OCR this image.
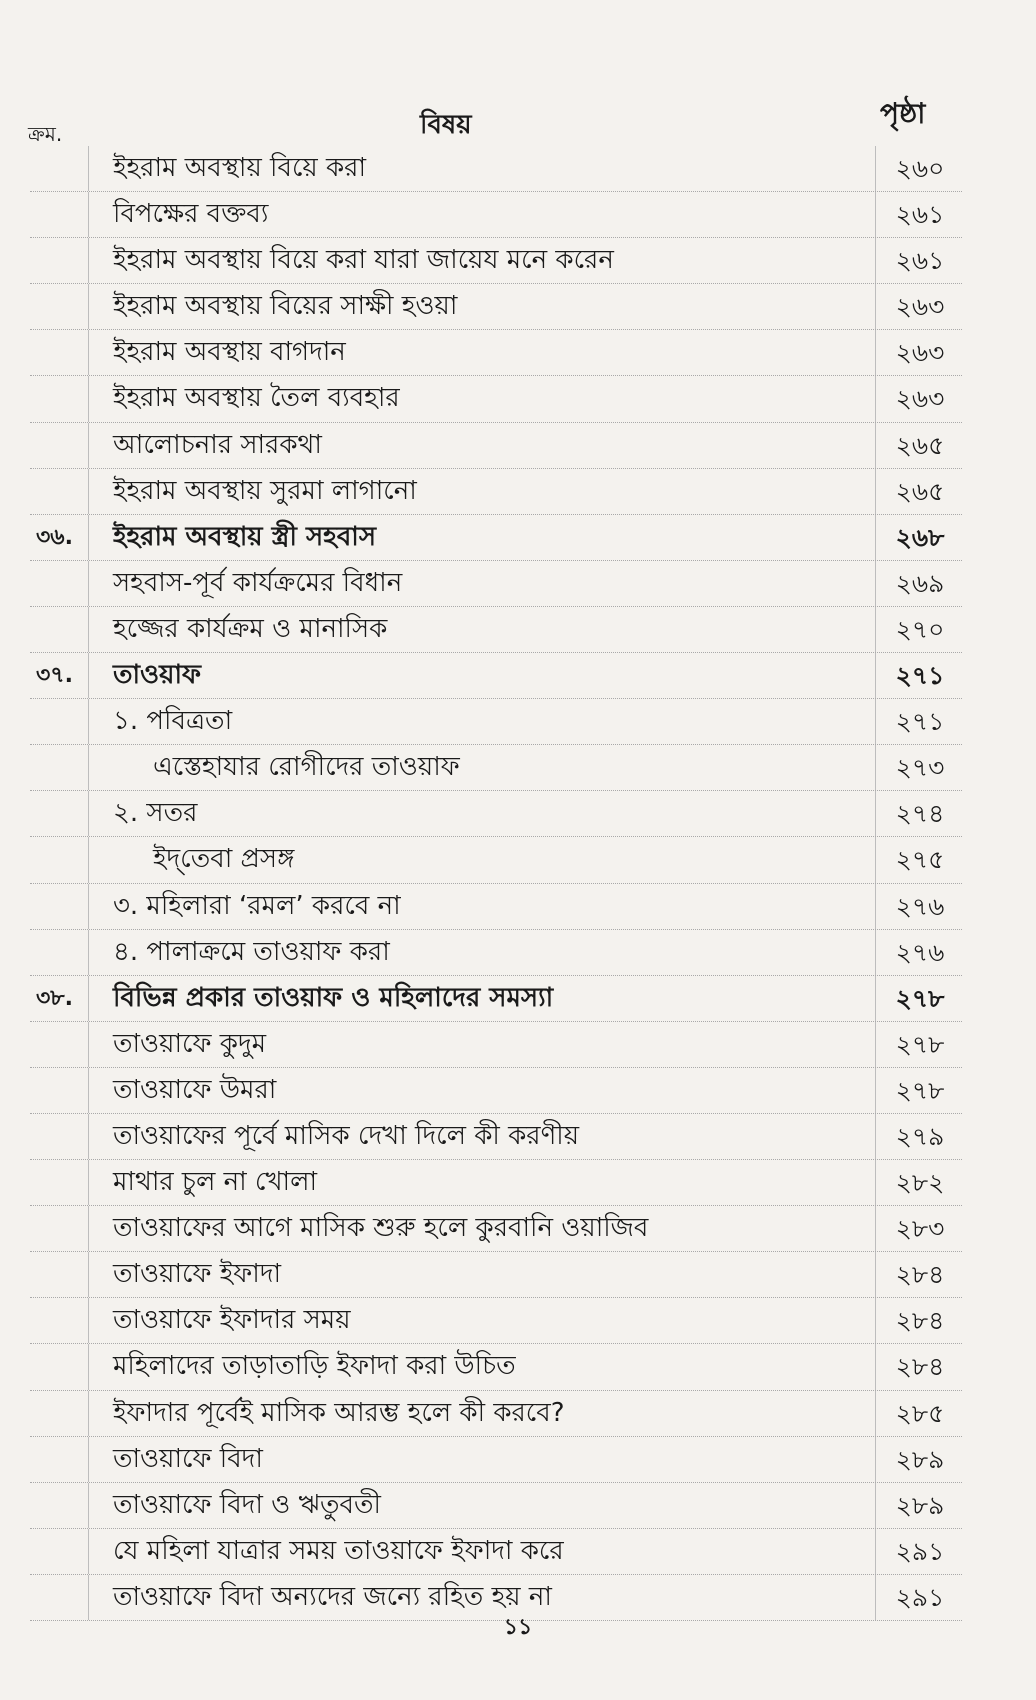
ক্রম.	বিষয়	পৃষ্ঠা
ইহরাম অবস্থায় বিয়ে করা	২৬০
বিপক্ষের বক্তব্য	২৬১
ইহরাম অবস্থায় বিয়ে করা যারা জায়েয মনে করেন	২৬১
ইহরাম অবস্থায় বিয়ের সাক্ষী হওয়া	২৬৩
ইহরাম অবস্থায় বাগদান	২৬৩
ইহরাম অবস্থায় তৈল ব্যবহার	২৬৩
আলোচনার সারকথা	২৬৫
ইহরাম অবস্থায় সুরমা লাগানো	২৬৫
৩৬.	ইহরাম অবস্থায় স্ত্রী সহবাস	২৬৮
সহবাস-পূর্ব কার্যক্রমের বিধান	২৬৯
হজ্জের কার্যক্রম ও মানাসিক	২৭০
৩৭.	তাওয়াফ	২৭১
১. পবিত্রতা	২৭১
এস্তেহাযার রোগীদের তাওয়াফ	২৭৩
২. সতর	২৭৪
ইদ্‌তেবা প্রসঙ্গ	২৭৫
৩. মহিলারা ‘রমল’ করবে না	২৭৬
৪. পালাক্রমে তাওয়াফ করা	২৭৬
৩৮.	বিভিন্ন প্রকার তাওয়াফ ও মহিলাদের সমস্যা	২৭৮
তাওয়াফে কুদুম	২৭৮
তাওয়াফে উমরা	২৭৮
তাওয়াফের পূর্বে মাসিক দেখা দিলে কী করণীয়	২৭৯
মাথার চুল না খোলা	২৮২
তাওয়াফের আগে মাসিক শুরু হলে কুরবানি ওয়াজিব	২৮৩
তাওয়াফে ইফাদা	২৮৪
তাওয়াফে ইফাদার সময়	২৮৪
মহিলাদের তাড়াতাড়ি ইফাদা করা উচিত	২৮৪
ইফাদার পূর্বেই মাসিক আরম্ভ হলে কী করবে?	২৮৫
তাওয়াফে বিদা	২৮৯
তাওয়াফে বিদা ও ঋতুবতী	২৮৯
যে মহিলা যাত্রার সময় তাওয়াফে ইফাদা করে	২৯১
তাওয়াফে বিদা অন্যদের জন্যে রহিত হয় না	২৯১
১১
